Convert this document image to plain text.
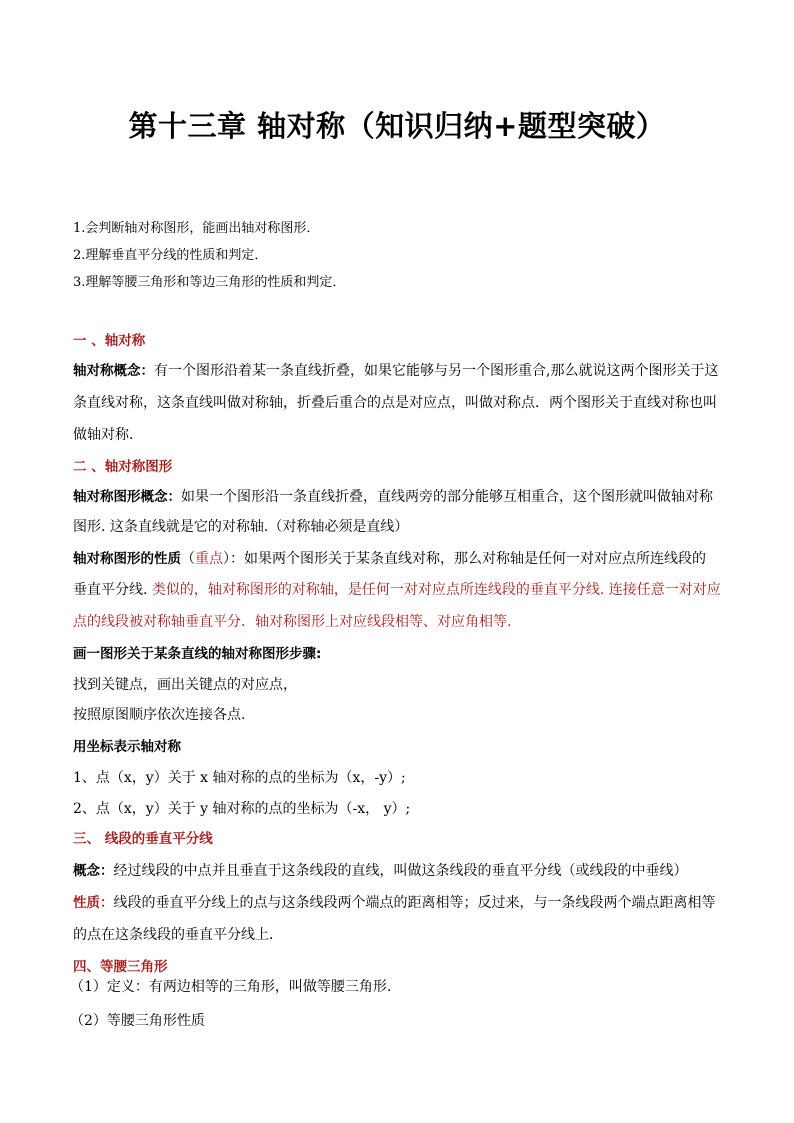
第十三章 轴对称（知识归纳+题型突破）
1.会判断轴对称图形，能画出轴对称图形．
2.理解垂直平分线的性质和判定．
3.理解等腰三角形和等边三角形的性质和判定．
一 、轴对称
轴对称概念：有一个图形沿着某一条直线折叠，如果它能够与另一个图形重合,那么就说这两个图形关于这
条直线对称，这条直线叫做对称轴，折叠后重合的点是对应点，叫做对称点．两个图形关于直线对称也叫
做轴对称．
二 、轴对称图形
轴对称图形概念：如果一个图形沿一条直线折叠，直线两旁的部分能够互相重合，这个图形就叫做轴对称
图形. 这条直线就是它的对称轴.（对称轴必须是直线）
轴对称图形的性质（重点）：如果两个图形关于某条直线对称，那么对称轴是任何一对对应点所连线段的
垂直平分线. 类似的，轴对称图形的对称轴，是任何一对对应点所连线段的垂直平分线. 连接任意一对对应
点的线段被对称轴垂直平分．轴对称图形上对应线段相等、对应角相等.
画一图形关于某条直线的轴对称图形步骤:
找到关键点，画出关键点的对应点，
按照原图顺序依次连接各点.
用坐标表示轴对称
1、点（x，y）关于 x 轴对称的点的坐标为（x，-y）;
2、点（x，y）关于 y 轴对称的点的坐标为（-x， y）;
三、 线段的垂直平分线
概念：经过线段的中点并且垂直于这条线段的直线，叫做这条线段的垂直平分线（或线段的中垂线）
性质：线段的垂直平分线上的点与这条线段两个端点的距离相等；反过来，与一条线段两个端点距离相等
的点在这条线段的垂直平分线上．
四、等腰三角形
（1）定义：有两边相等的三角形，叫做等腰三角形.
（2）等腰三角形性质
